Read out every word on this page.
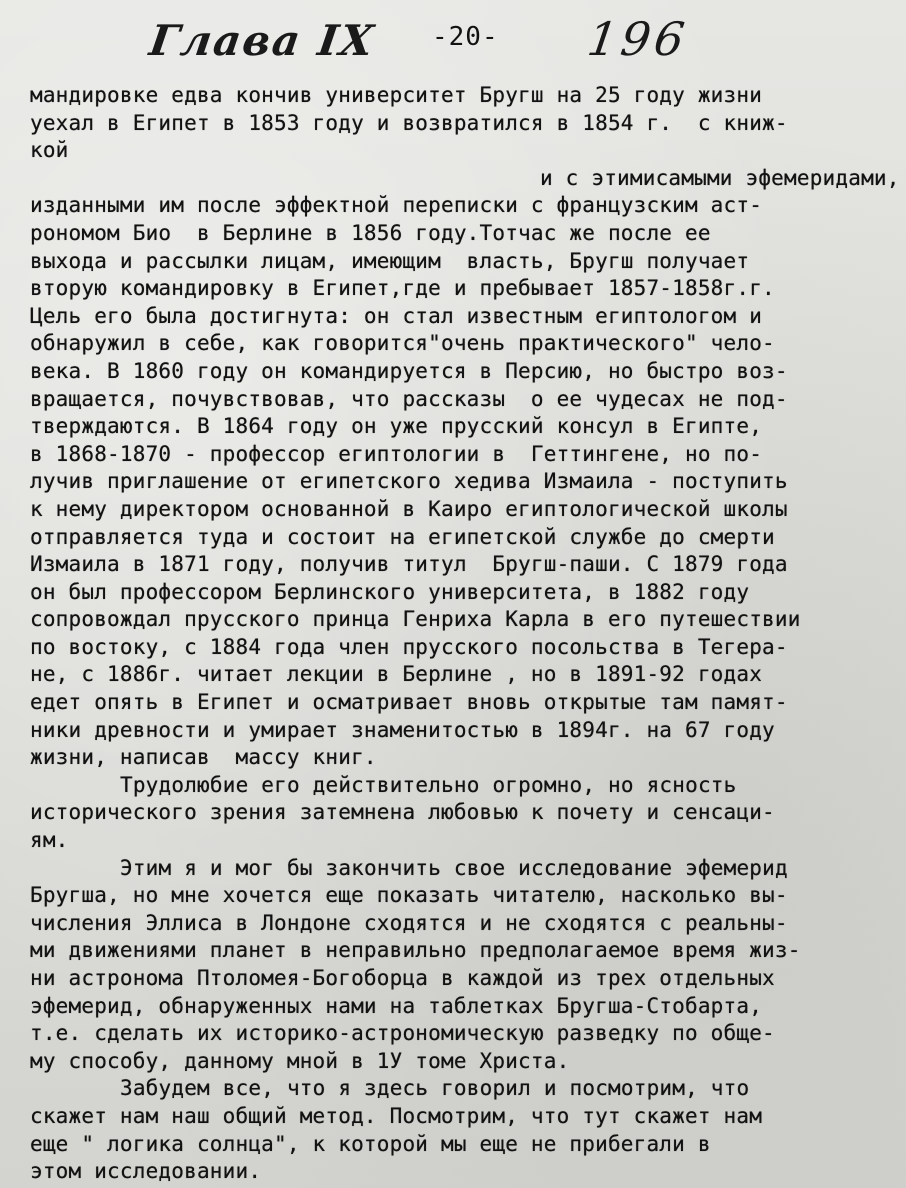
Глава IX -20- 196
мандировке едва кончив университет Бругш на 25 году жизни
уехал в Египет в 1853 году и возвратился в 1854 г.  с книж-
кой
и с этимисамыми эфемеридами,
изданными им после эффектной переписки с французским аст-
рономом Био  в Берлине в 1856 году.Тотчас же после ее
выхода и рассылки лицам, имеющим  власть, Бругш получает
вторую командировку в Египет,где и пребывает 1857-1858г.г.
Цель его была достигнута: он стал известным египтологом и
обнаружил в себе, как говорится"очень практического" чело-
века. В 1860 году он командируется в Персию, но быстро воз-
вращается, почувствовав, что рассказы  о ее чудесах не под-
тверждаются. В 1864 году он уже прусский консул в Египте,
в 1868-1870 - профессор египтологии в  Геттингене, но по-
лучив приглашение от египетского хедива Измаила - поступить
к нему директором основанной в Каиро египтологической школы
отправляется туда и состоит на египетской службе до смерти
Измаила в 1871 году, получив титул  Бругш-паши. С 1879 года
он был профессором Берлинского университета, в 1882 году
сопровождал прусского принца Генриха Карла в его путешествии
по востоку, с 1884 года член прусского посольства в Тегера-
не, с 1886г. читает лекции в Берлине , но в 1891-92 годах
едет опять в Египет и осматривает вновь открытые там памят-
ники древности и умирает знаменитостью в 1894г. на 67 году
жизни, написав  массу книг.
Трудолюбие его действительно огромно, но ясность
исторического зрения затемнена любовью к почету и сенсаци-
ям.
Этим я и мог бы закончить свое исследование эфемерид
Бругша, но мне хочется еще показать читателю, насколько вы-
числения Эллиса в Лондоне сходятся и не сходятся с реальны-
ми движениями планет в неправильно предполагаемое время жиз-
ни астронома Птоломея-Богоборца в каждой из трех отдельных
эфемерид, обнаруженных нами на таблетках Бругша-Стобарта,
т.е. сделать их историко-астрономическую разведку по обще-
му способу, данному мной в 1У томе Христа.
Забудем все, что я здесь говорил и посмотрим, что
скажет нам наш общий метод. Посмотрим, что тут скажет нам
еще " логика солнца", к которой мы еще не прибегали в
этом исследовании.
